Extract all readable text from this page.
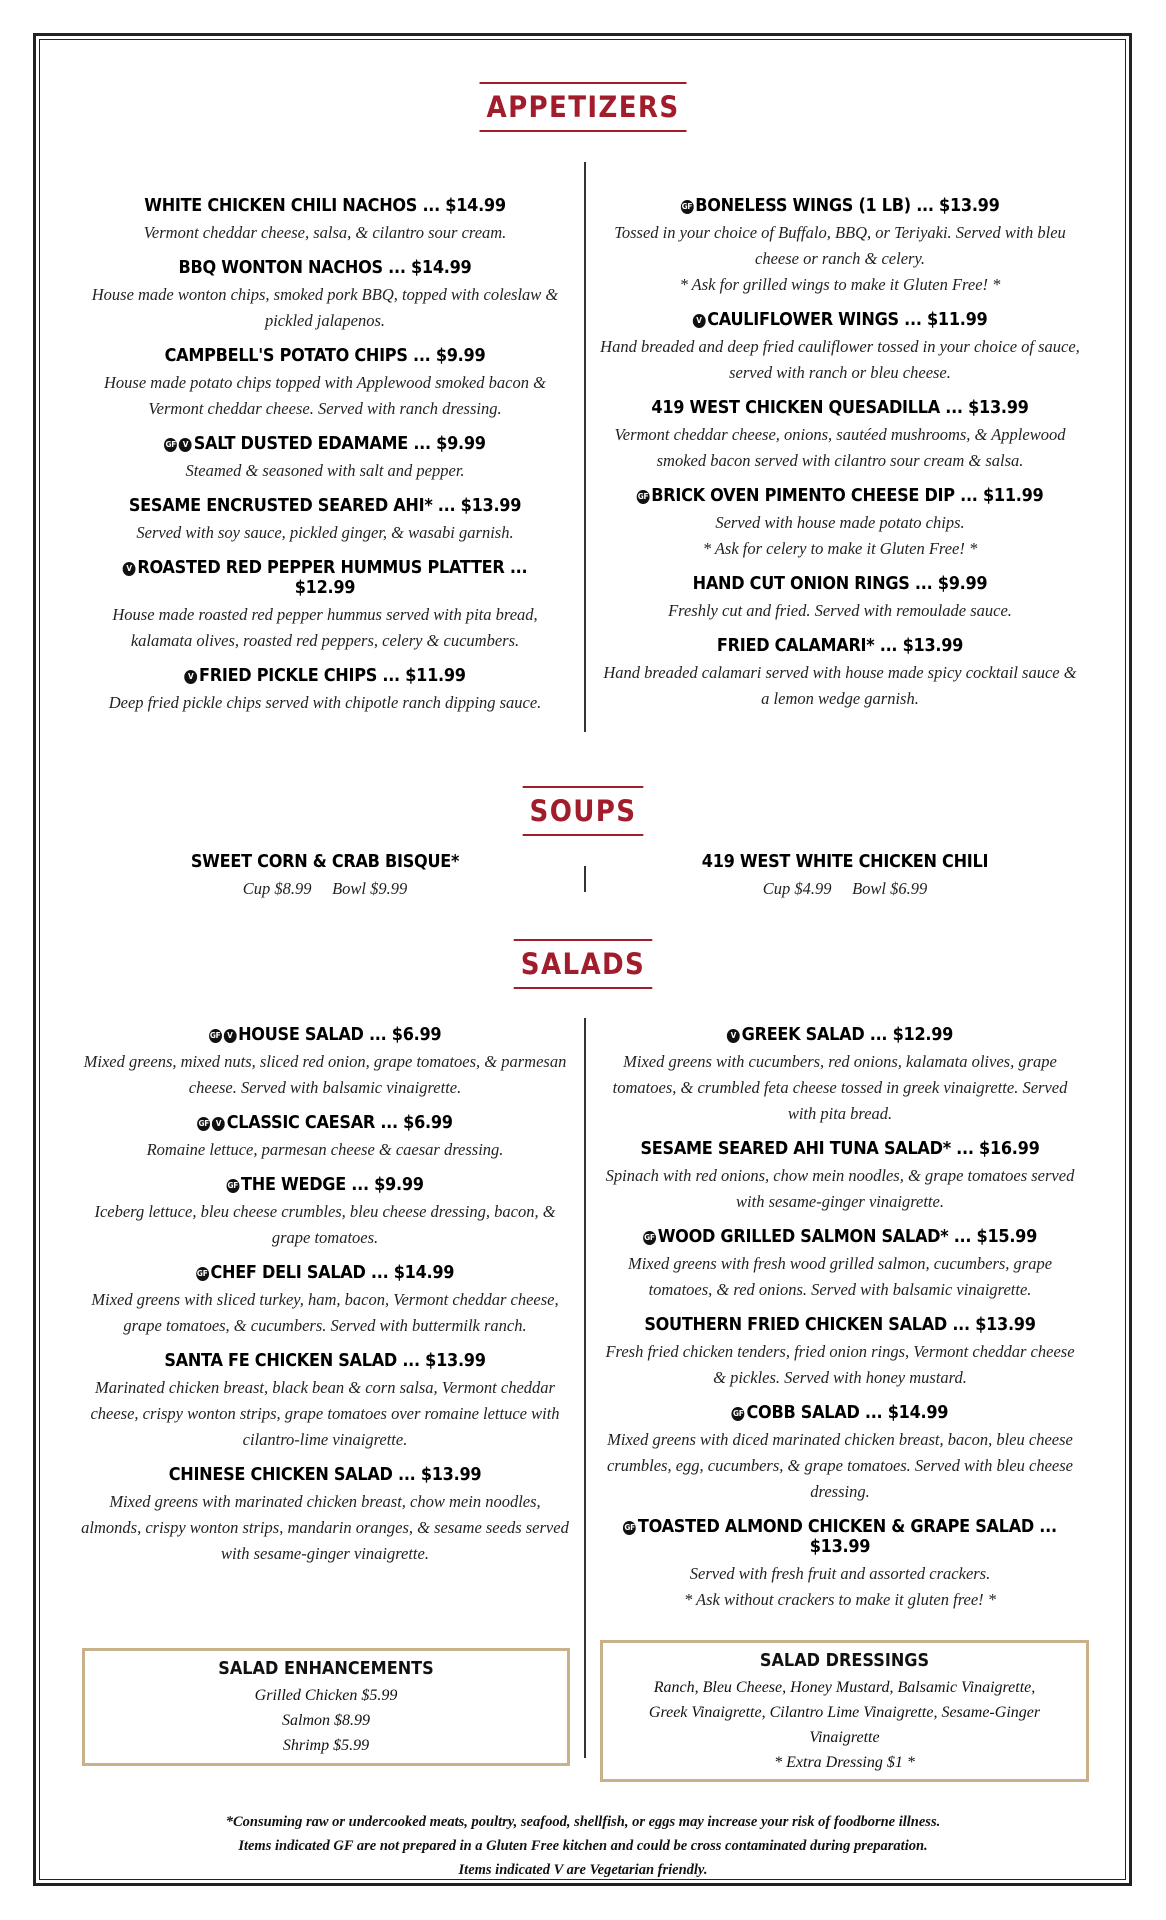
APPETIZERS
WHITE CHICKEN CHILI NACHOS ... $14.99
Vermont cheddar cheese, salsa, & cilantro sour cream.
BBQ WONTON NACHOS ... $14.99
House made wonton chips, smoked pork BBQ, topped with coleslaw & pickled jalapenos.
CAMPBELL'S POTATO CHIPS ... $9.99
House made potato chips topped with Applewood smoked bacon & Vermont cheddar cheese. Served with ranch dressing.
GF V SALT DUSTED EDAMAME ... $9.99
Steamed & seasoned with salt and pepper.
SESAME ENCRUSTED SEARED AHI* ... $13.99
Served with soy sauce, pickled ginger, & wasabi garnish.
V ROASTED RED PEPPER HUMMUS PLATTER ... $12.99
House made roasted red pepper hummus served with pita bread, kalamata olives, roasted red peppers, celery & cucumbers.
V FRIED PICKLE CHIPS ... $11.99
Deep fried pickle chips served with chipotle ranch dipping sauce.
GF BONELESS WINGS (1 LB) ... $13.99
Tossed in your choice of Buffalo, BBQ, or Teriyaki. Served with bleu cheese or ranch & celery.
* Ask for grilled wings to make it Gluten Free! *
V CAULIFLOWER WINGS ... $11.99
Hand breaded and deep fried cauliflower tossed in your choice of sauce, served with ranch or bleu cheese.
419 WEST CHICKEN QUESADILLA ... $13.99
Vermont cheddar cheese, onions, sautéed mushrooms, & Applewood smoked bacon served with cilantro sour cream & salsa.
GF BRICK OVEN PIMENTO CHEESE DIP ... $11.99
Served with house made potato chips.
* Ask for celery to make it Gluten Free! *
HAND CUT ONION RINGS ... $9.99
Freshly cut and fried. Served with remoulade sauce.
FRIED CALAMARI* ... $13.99
Hand breaded calamari served with house made spicy cocktail sauce & a lemon wedge garnish.
SOUPS
SWEET CORN & CRAB BISQUE*
Cup $8.99     Bowl $9.99
419 WEST WHITE CHICKEN CHILI
Cup $4.99     Bowl $6.99
SALADS
GF V HOUSE SALAD ... $6.99
Mixed greens, mixed nuts, sliced red onion, grape tomatoes, & parmesan cheese. Served with balsamic vinaigrette.
GF V CLASSIC CAESAR ... $6.99
Romaine lettuce, parmesan cheese & caesar dressing.
GF THE WEDGE ... $9.99
Iceberg lettuce, bleu cheese crumbles, bleu cheese dressing, bacon, & grape tomatoes.
GF CHEF DELI SALAD ... $14.99
Mixed greens with sliced turkey, ham, bacon, Vermont cheddar cheese, grape tomatoes, & cucumbers. Served with buttermilk ranch.
SANTA FE CHICKEN SALAD ... $13.99
Marinated chicken breast, black bean & corn salsa, Vermont cheddar cheese, crispy wonton strips, grape tomatoes over romaine lettuce with cilantro-lime vinaigrette.
CHINESE CHICKEN SALAD ... $13.99
Mixed greens with marinated chicken breast, chow mein noodles, almonds, crispy wonton strips, mandarin oranges, & sesame seeds served with sesame-ginger vinaigrette.
V GREEK SALAD ... $12.99
Mixed greens with cucumbers, red onions, kalamata olives, grape tomatoes, & crumbled feta cheese tossed in greek vinaigrette. Served with pita bread.
SESAME SEARED AHI TUNA SALAD* ... $16.99
Spinach with red onions, chow mein noodles, & grape tomatoes served with sesame-ginger vinaigrette.
GF WOOD GRILLED SALMON SALAD* ... $15.99
Mixed greens with fresh wood grilled salmon, cucumbers, grape tomatoes, & red onions. Served with balsamic vinaigrette.
SOUTHERN FRIED CHICKEN SALAD ... $13.99
Fresh fried chicken tenders, fried onion rings, Vermont cheddar cheese & pickles. Served with honey mustard.
GF COBB SALAD ... $14.99
Mixed greens with diced marinated chicken breast, bacon, bleu cheese crumbles, egg, cucumbers, & grape tomatoes. Served with bleu cheese dressing.
GF TOASTED ALMOND CHICKEN & GRAPE SALAD ... $13.99
Served with fresh fruit and assorted crackers.
* Ask without crackers to make it gluten free! *
SALAD ENHANCEMENTS
Grilled Chicken $5.99
Salmon $8.99
Shrimp $5.99
SALAD DRESSINGS
Ranch, Bleu Cheese, Honey Mustard, Balsamic Vinaigrette,
Greek Vinaigrette, Cilantro Lime Vinaigrette, Sesame-Ginger
Vinaigrette
* Extra Dressing $1 *
*Consuming raw or undercooked meats, poultry, seafood, shellfish, or eggs may increase your risk of foodborne illness.
Items indicated GF are not prepared in a Gluten Free kitchen and could be cross contaminated during preparation.
Items indicated V are Vegetarian friendly.
